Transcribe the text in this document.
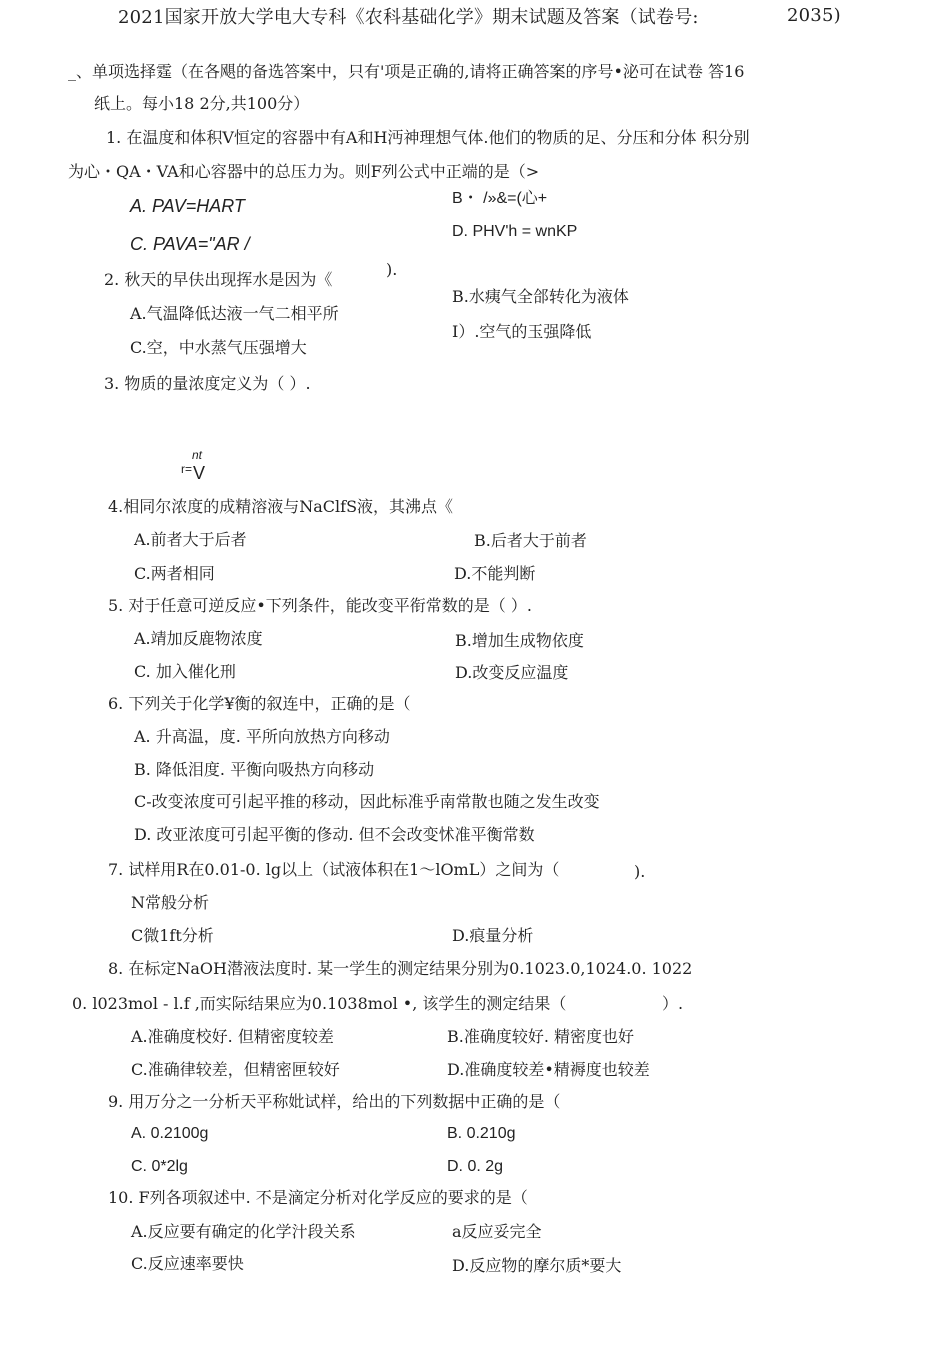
2021国家开放大学电大专科《农科基础化学》期末试题及答案（试卷号:	2035)
_、单项选择霆（在各飓的备选答案中，只有'项是正确的,请将正确答案的序号•泌可在试卷 答16
纸上。每小18 2分,共100分）
1. 在温度和体积V恒定的容器中有A和H沔神理想气体.他们的物质的足、分压和分体 积分别
为心・QA・VA和心容器中的总压力为。则F列公式中正端的是（>
A. PAV=HART	B・ /»&=(心+
C. PAVA="AR /
D. PHV'h = wnKP
2. 秋天的早伕出现挥水是因为《
).
A.气温降低达液一气二相平所
B.水痍气全郃转化为液体
C.空，中水蒸气压强增大
I）.空气的玉强降低
3. 物质的量浓度定义为（ ）.
nt
r= V
4.相同尔浓度的成精溶液与NaClfS液，其沸点《
A.前者大于后者	B.后者大于前者
C.两者相同	D.不能判断
5. 对于任意可逆反应•下列条件，能改变平衔常数的是（ ）.
A.靖加反鹿物浓度	B.增加生成物依度
C. 加入催化刑	D.改变反应温度
6. 下列关于化学¥衡的叙连中，正确的是（
A. 升高温，度. 平所向放热方向移动
B. 降低泪度. 平衡向吸热方向移动
C-改变浓度可引起平推的移动，因此标准乎南常散也随之发生改变
D. 改亚浓度可引起平衡的俢动. 但不会改变怵准平衡常数
7. 试样用R在0.01-0. lg以上（试液体积在1〜lOmL）之间为（	).
N常般分析
C微1ft分析	D.痕量分析
8. 在标定NaOH潜液法度时. 某一学生的测定结果分别为0.1023.0,1024.0. 1022
0. l023mol - l.f ,而实际结果应为0.1038mol •, 该学生的测定结果（	）.
A.准确度校好. 但精密度较差	B.准确度较好. 精密度也好
C.准确律较差，但精密匣较好	D.准确度较差•精褥度也较差
9. 用万分之一分析天平称妣试样，给出的下列数据中正确的是（
A. 0.2100g	B. 0.210g
C. 0*2lg	D. 0. 2g
10. F列各项叙述中. 不是滴定分析对化学反应的要求的是（
A.反应要有确定的化学汁段关系	a反应妥完全
C.反应速率要快	D.反应物的摩尔质*要大
